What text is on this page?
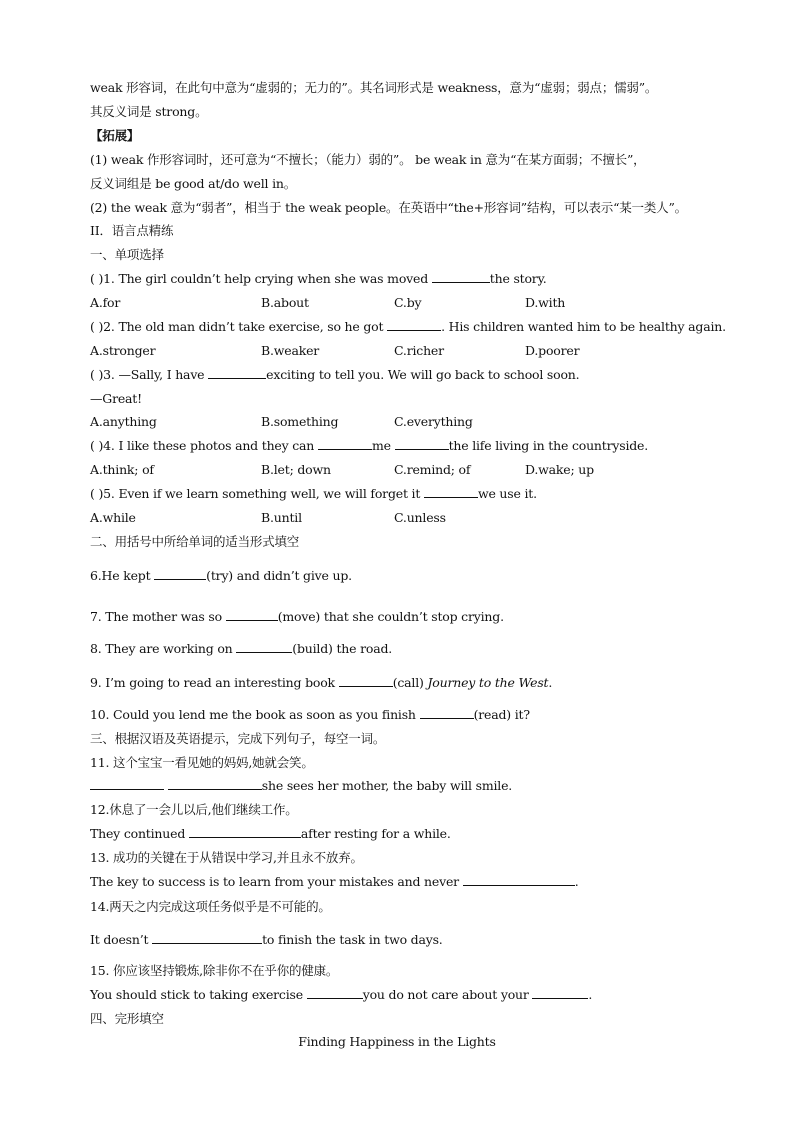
weak 形容词，在此句中意为“虚弱的；无力的”。其名词形式是 weakness，意为“虚弱；弱点；懦弱”。
其反义词是 strong。
【拓展】
(1) weak 作形容词时，还可意为“不擅长；（能力）弱的”。 be weak in 意为“在某方面弱；不擅长”，
反义词组是 be good at/do well in。
(2) the weak 意为“弱者”，相当于 the weak people。在英语中“the+形容词”结构，可以表示“某一类人”。
II．语言点精练
一、单项选择
( )1. The girl couldn’t help crying when she was moved	the story.
A.for	B.about	C.by	D.with
( )2. The old man didn’t take exercise, so he got	. His children wanted him to be healthy again.
A.stronger	B.weaker	C.richer	D.poorer
( )3. —Sally, I have	exciting to tell you. We will go back to school soon.
—Great!
A.anything	B.something	C.everything
( )4. I like these photos and they can	me	the life living in the countryside.
A.think; of	B.let; down	C.remind; of	D.wake; up
( )5. Even if we learn something well, we will forget it	we use it.
A.while	B.until	C.unless
二、用括号中所给单词的适当形式填空
6.He kept	(try) and didn’t give up.
7. The mother was so	(move) that she couldn’t stop crying.
8. They are working on	(build) the road.
9. I’m going to read an interesting book	(call) Journey to the West.
10. Could you lend me the book as soon as you finish	(read) it?
三、根据汉语及英语提示，完成下列句子，每空一词。
11. 这个宝宝一看见她的妈妈,她就会笑。
she sees her mother, the baby will smile.
12.休息了一会儿以后,他们继续工作。
They continued	after resting for a while.
13. 成功的关键在于从错误中学习,并且永不放弃。
The key to success is to learn from your mistakes and never	.
14.两天之内完成这项任务似乎是不可能的。
It doesn’t	to finish the task in two days.
15. 你应该坚持锻炼,除非你不在乎你的健康。
You should stick to taking exercise	you do not care about your	.
四、完形填空
Finding Happiness in the Lights
